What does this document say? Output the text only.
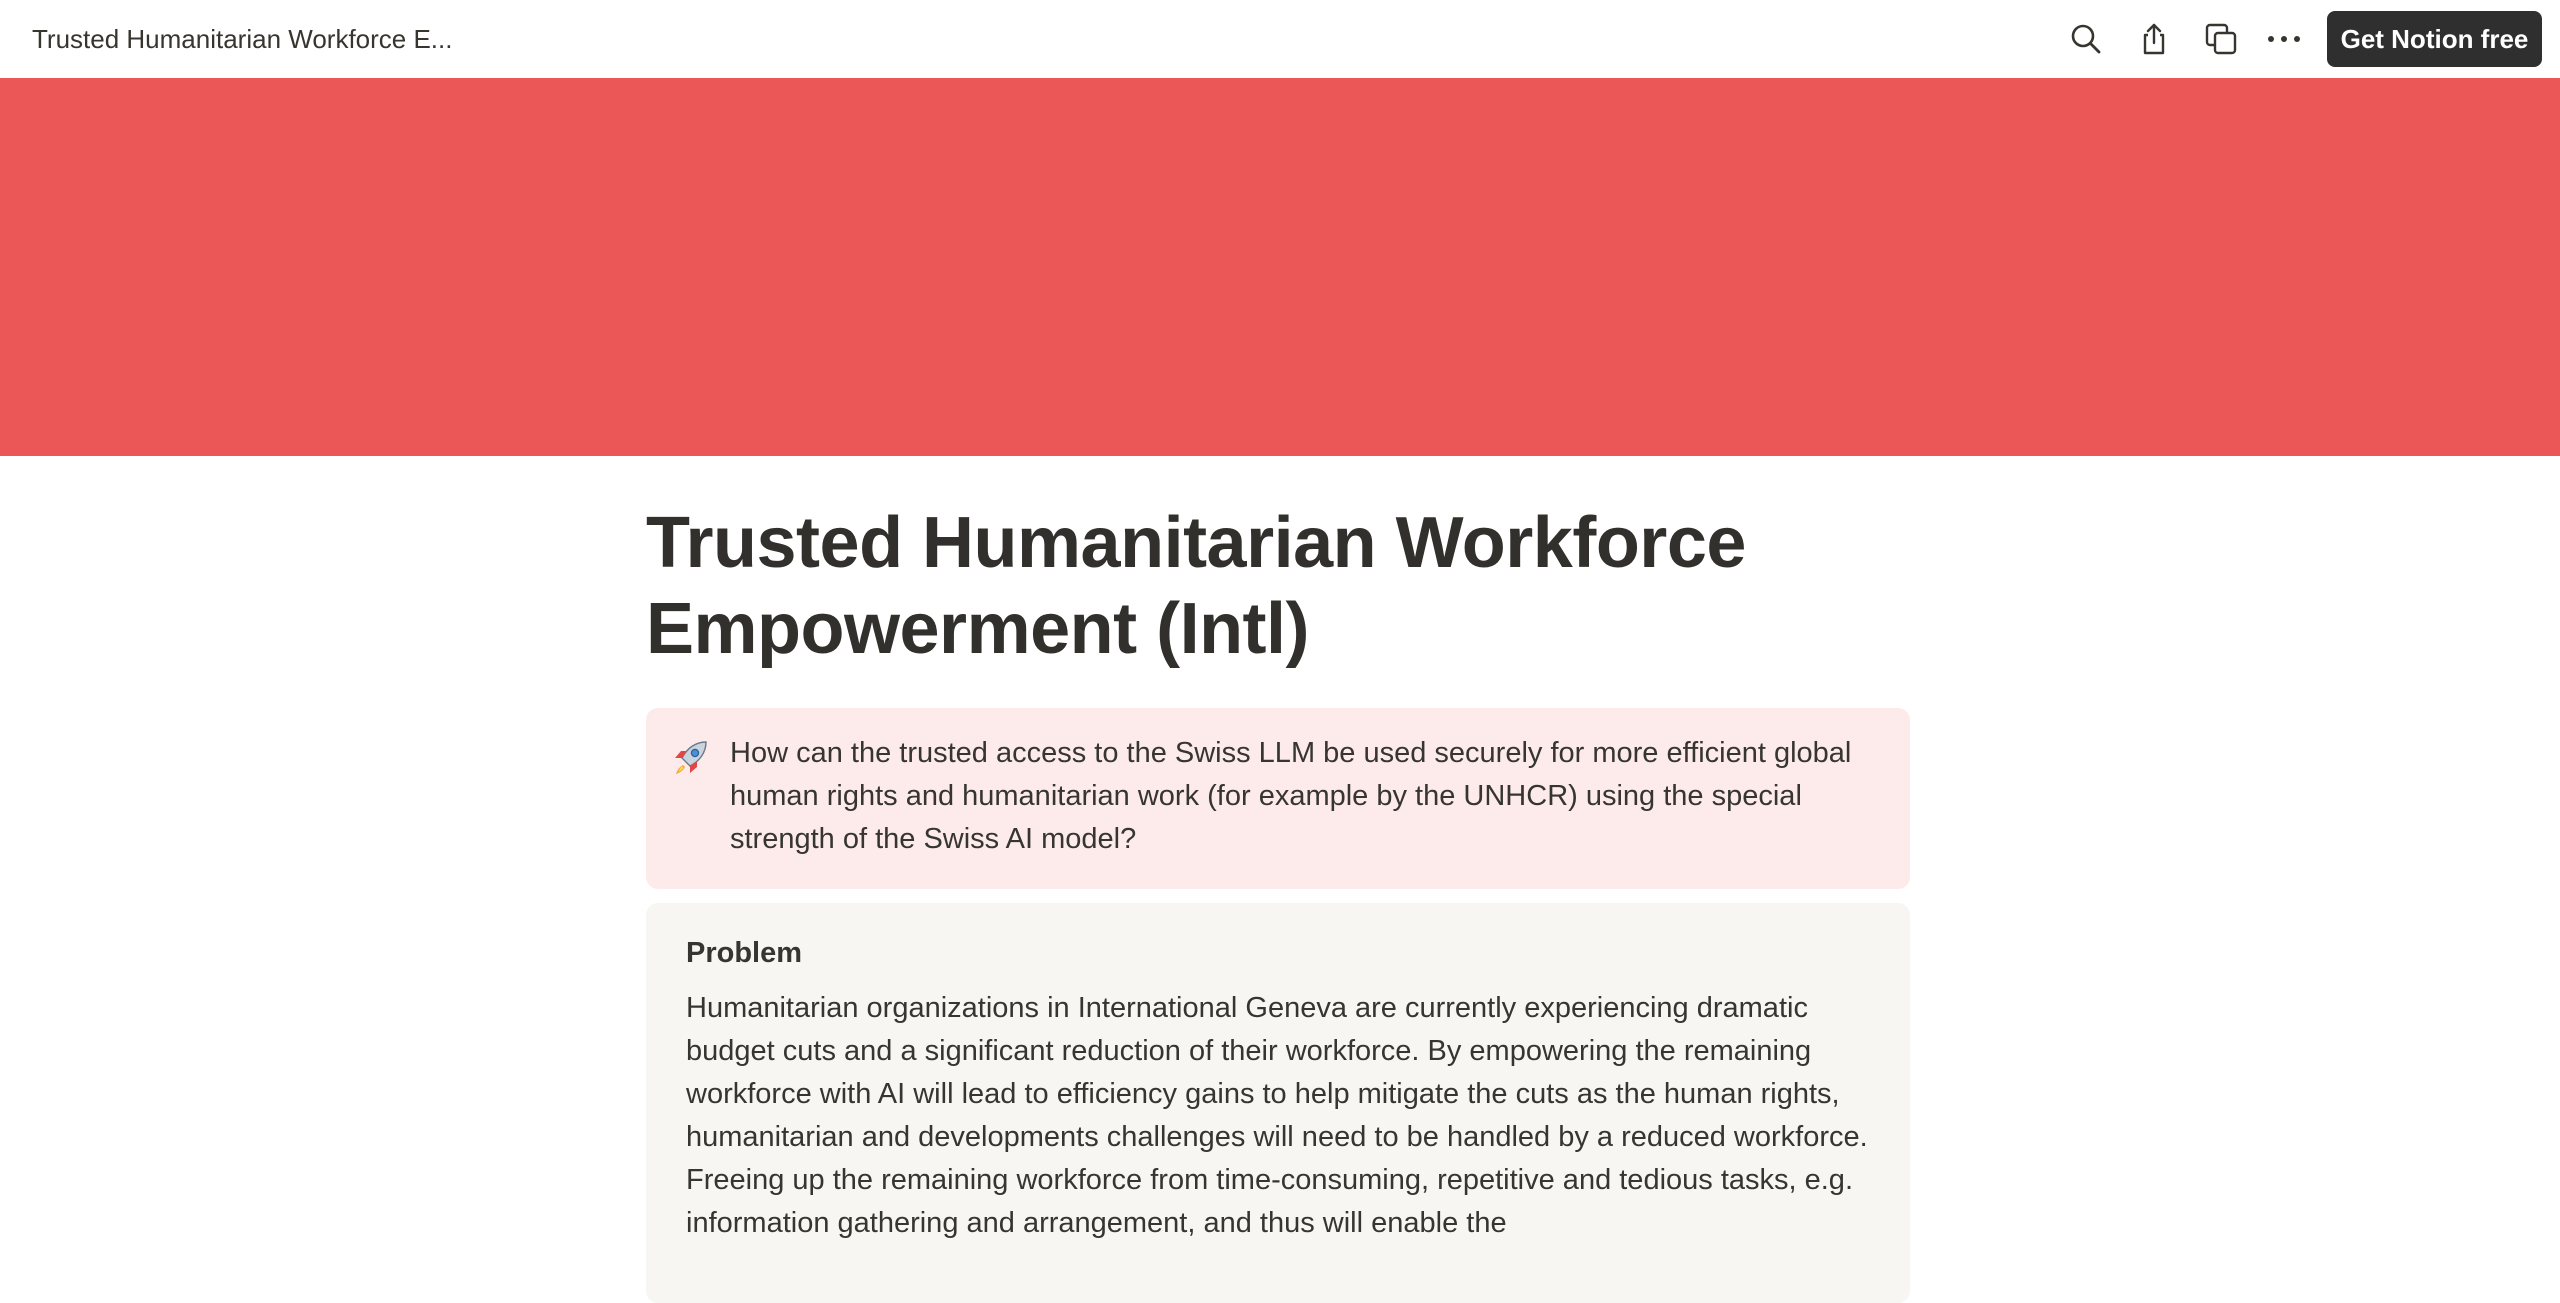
Trusted Humanitarian Workforce E...	Get Notion free
Trusted Humanitarian Workforce Empowerment (Intl)

How can the trusted access to the Swiss LLM be used securely for more efficient global human rights and humanitarian work (for example by the UNHCR) using the special strength of the Swiss AI model?

Problem

Humanitarian organizations in International Geneva are currently experiencing dramatic budget cuts and a significant reduction of their workforce. By empowering the remaining workforce with AI will lead to efficiency gains to help mitigate the cuts as the human rights, humanitarian and developments challenges will need to be handled by a reduced workforce. Freeing up the remaining workforce from time-consuming, repetitive and tedious tasks, e.g. information gathering and arrangement, and thus will enable the
